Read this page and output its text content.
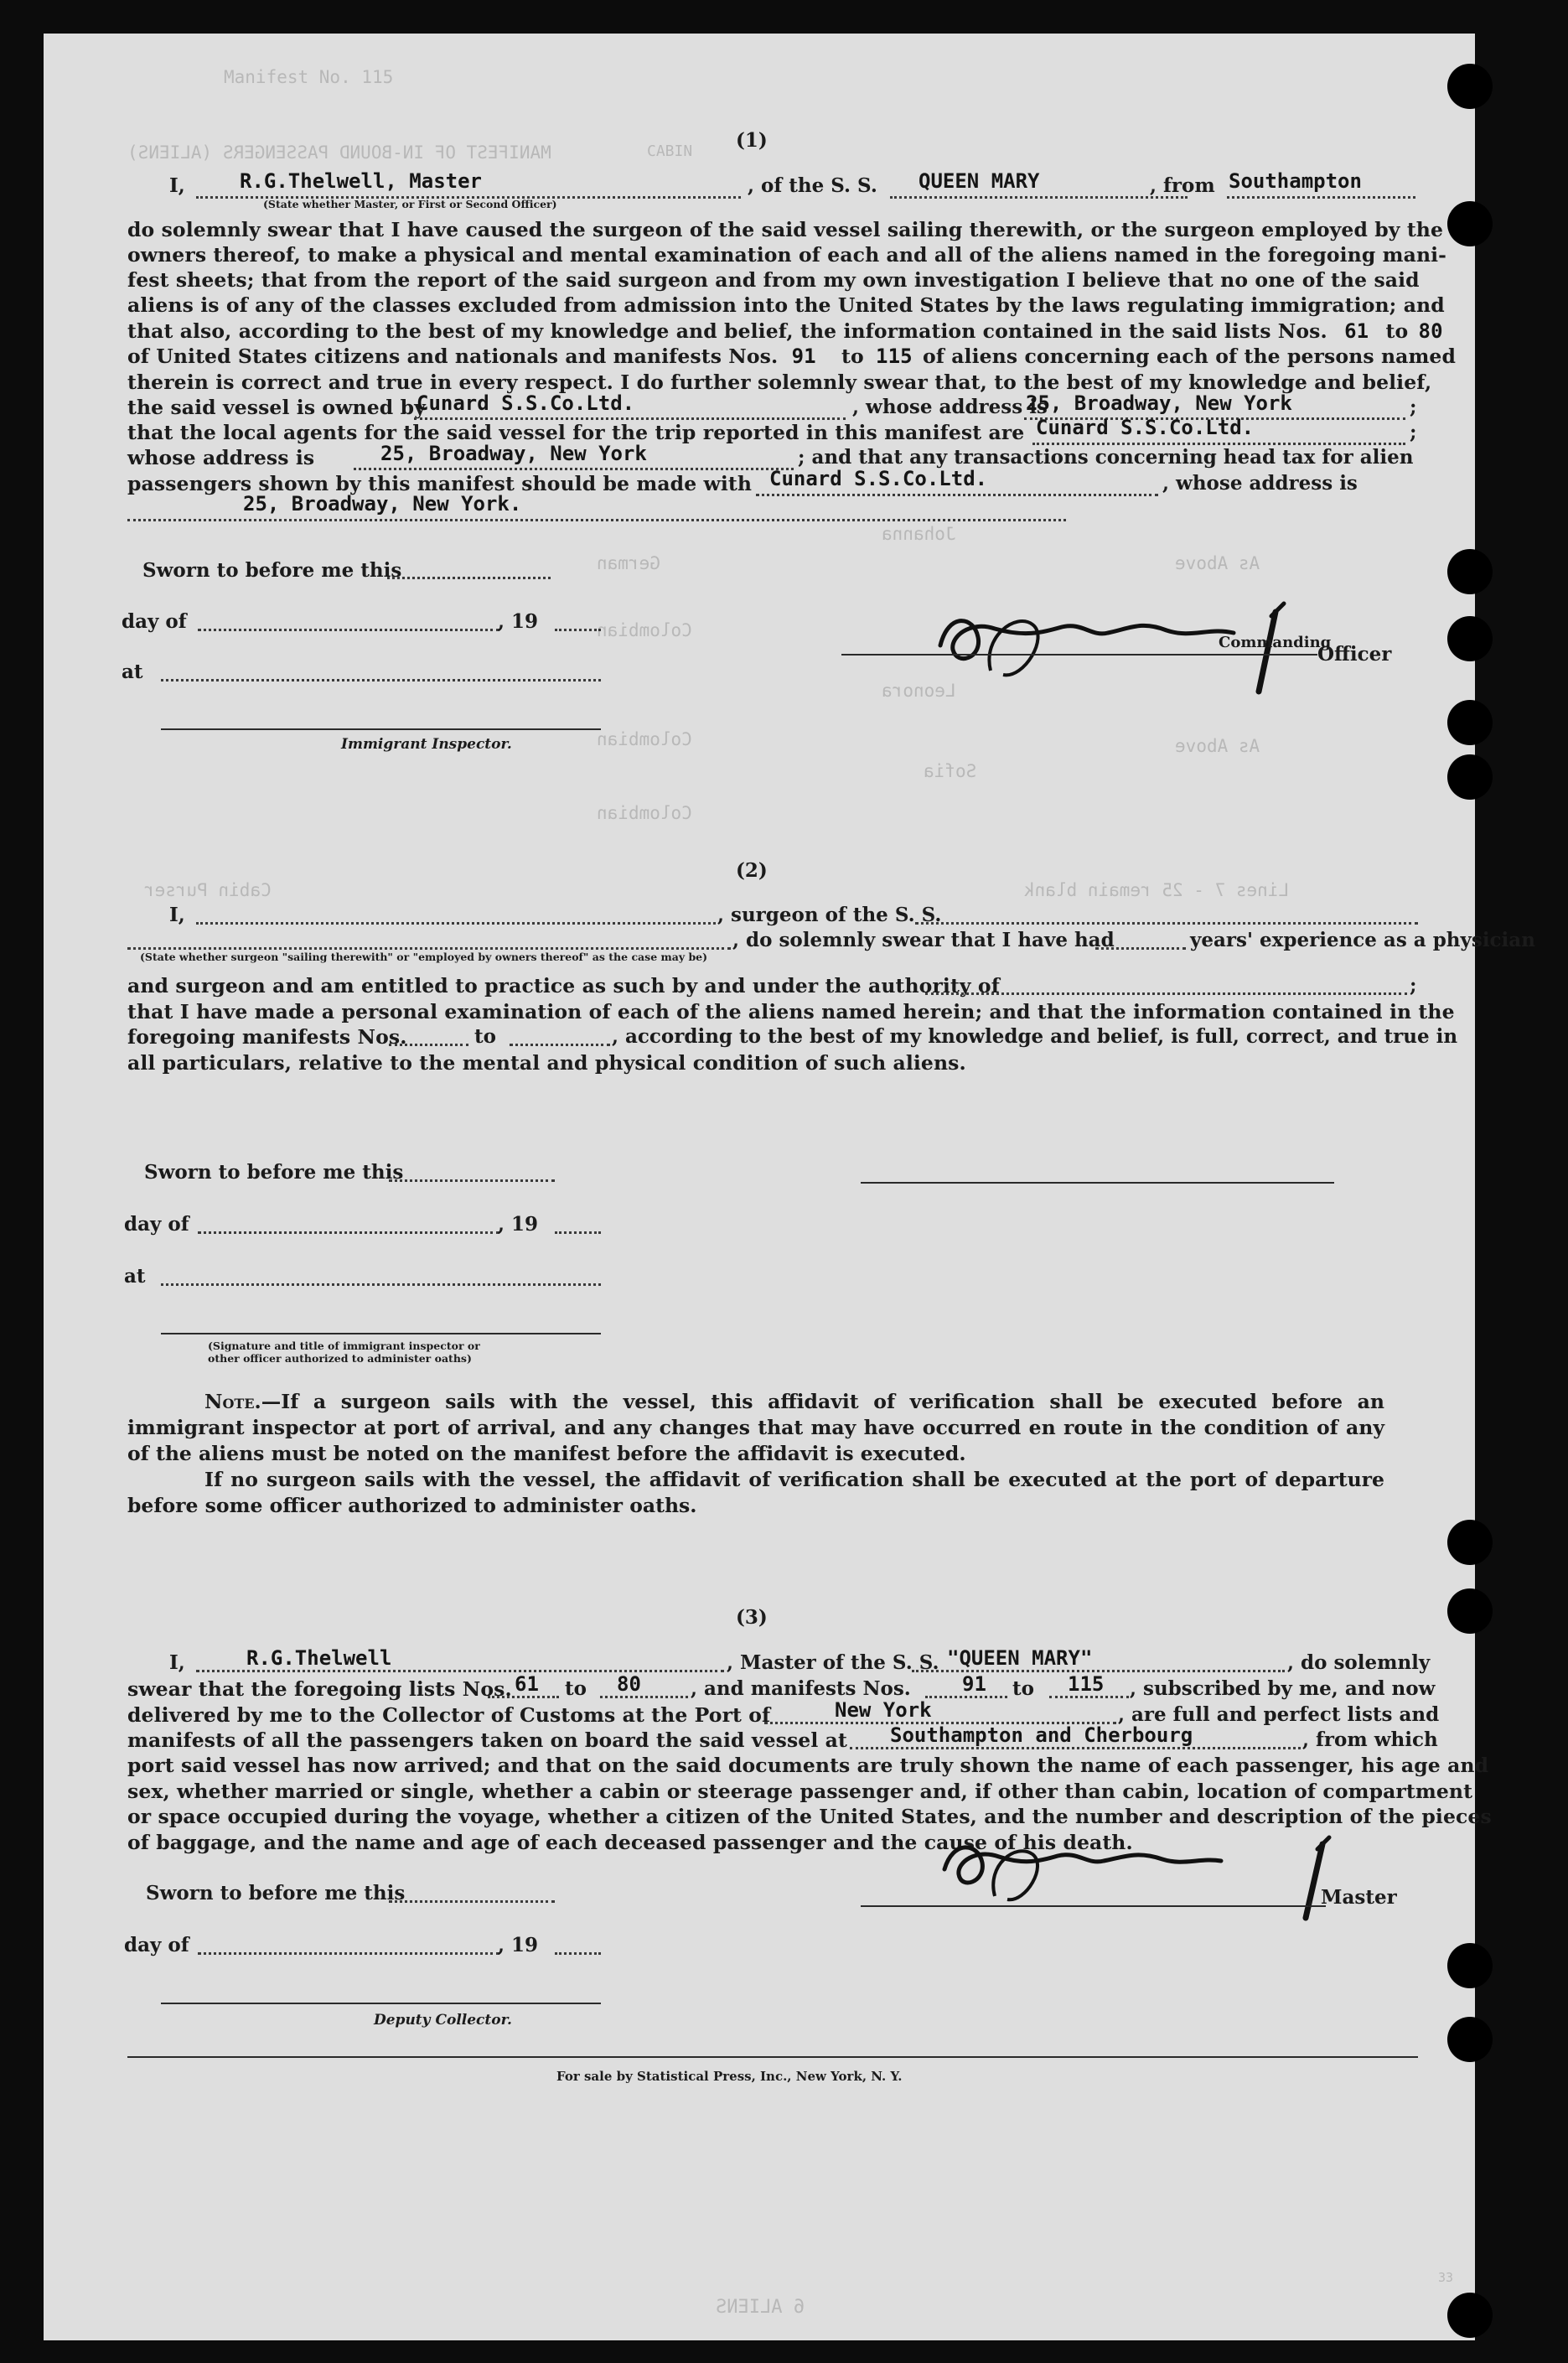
MANIFEST OF IN-BOUND PASSENGERS (ALIENS)
Manifest No. 115
CABIN
Johanna
As Above
Colombian
Leonora
Colombian	As Above
Sofia
Colombian
German
Lines 7 - 25 remain blank
Cabin Purser
(1)
I,	R.G.Thelwell, Master
(State whether Master, or First or Second Officer)
, of the S. S. QUEEN MARY	, from Southampton
do solemnly swear that I have caused the surgeon of the said vessel sailing therewith, or the surgeon employed by the
owners thereof, to make a physical and mental examination of each and all of the aliens named in the foregoing mani-
fest sheets; that from the report of the said surgeon and from my own investigation I believe that no one of the said
aliens is of any of the classes excluded from admission into the United States by the laws regulating immigration; and
that also, according to the best of my knowledge and belief, the information contained in the said lists Nos. 61 to 80
of United States citizens and nationals and manifests Nos. 91 to 115 of aliens concerning each of the persons named
therein is correct and true in every respect. I do further solemnly swear that, to the best of my knowledge and belief,
the said vessel is owned by
Cunard S.S.Co.Ltd.	, whose address is
25, Broadway, New York	;
that the local agents for the said vessel for the trip reported in this manifest are Cunard S.S.Co.Ltd.	;
whose address is	25, Broadway, New York	; and that any transactions concerning head tax for alien
passengers shown by this manifest should be made with Cunard S.S.Co.Ltd.	, whose address is
25, Broadway, New York.
Sworn to before me this
day of	, 19
at
Immigrant Inspector.
Commanding
Officer
(2)
I,	, surgeon of the S. S.
, do solemnly swear that I have had	years' experience as a physician
(State whether surgeon "sailing therewith" or "employed by owners thereof" as the case may be)
and surgeon and am entitled to practice as such by and under the authority of	;
that I have made a personal examination of each of the aliens named herein; and that the information contained in the
foregoing manifests Nos.	to	, according to the best of my knowledge and belief, is full, correct, and true in
all particulars, relative to the mental and physical condition of such aliens.
Sworn to before me this
day of	, 19
at
(Signature and title of immigrant inspector or
other officer authorized to administer oaths)
Note.—If a surgeon sails with the vessel, this affidavit of verification shall be executed before an immigrant inspector at port of arrival, and any changes that may have occurred en route in the condition of any of the aliens must be noted on the manifest before the affidavit is executed.
If no surgeon sails with the vessel, the affidavit of verification shall be executed at the port of departure before some officer authorized to administer oaths.
(3)
I,	R.G.Thelwell	, Master of the S. S. "QUEEN MARY"	, do solemnly
swear that the foregoing lists Nos. 61 to 80	, and manifests Nos.	91 to 115 , subscribed by me, and now
delivered by me to the Collector of Customs at the Port of	New York	, are full and perfect lists and
manifests of all the passengers taken on board the said vessel at Southampton and Cherbourg	, from which
port said vessel has now arrived; and that on the said documents are truly shown the name of each passenger, his age and
sex, whether married or single, whether a cabin or steerage passenger and, if other than cabin, location of compartment
or space occupied during the voyage, whether a citizen of the United States, and the number and description of the pieces
of baggage, and the name and age of each deceased passenger and the cause of his death.
Sworn to before me this	, Master
day of	, 19
Deputy Collector.
For sale by Statistical Press, Inc., New York, N. Y.
6 ALIENS
33
